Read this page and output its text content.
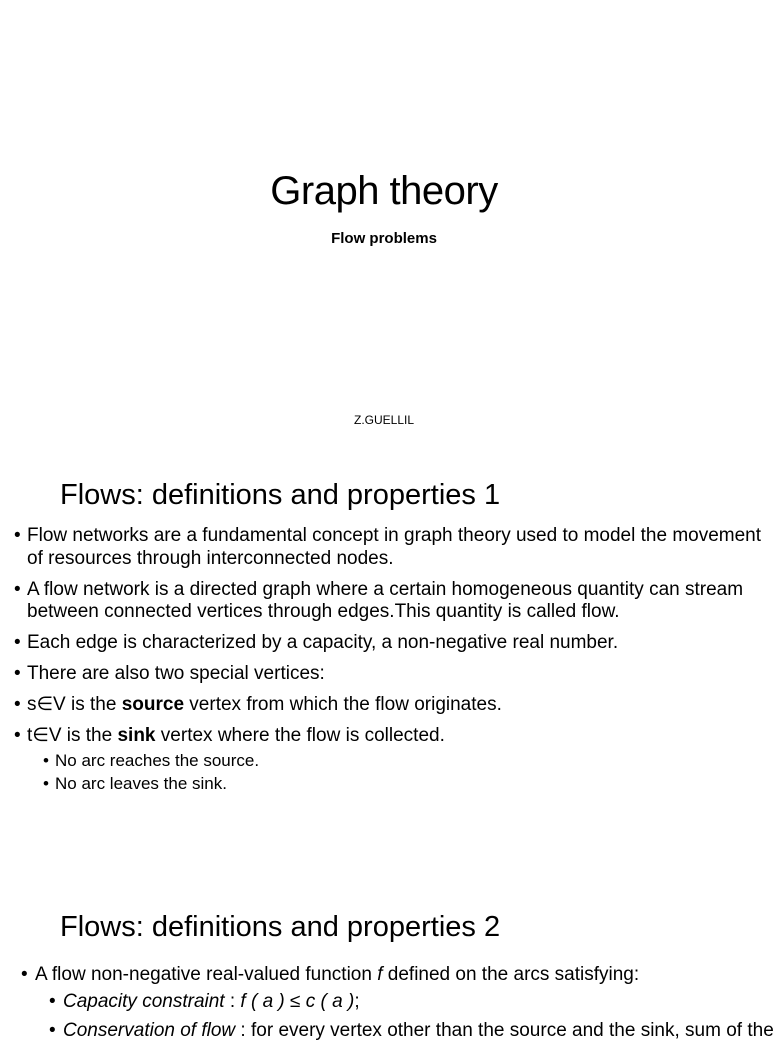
Graph theory
Flow problems
Z.GUELLIL
Flows: definitions and properties 1
• Flow networks are a fundamental concept in graph theory used to model the movement of resources through interconnected nodes.
• A flow network is a directed graph where a certain homogeneous quantity can stream between connected vertices through edges.This quantity is called flow.
• Each edge is characterized by a capacity, a non-negative real number.
• There are also two special vertices:
• s∈V is the source vertex from which the flow originates.
• t∈V is the sink vertex where the flow is collected.
• No arc reaches the source.
• No arc leaves the sink.
Flows: definitions and properties 2
• A flow non-negative real-valued function f defined on the arcs satisfying:
• Capacity constraint : f ( a ) ≤ c ( a );
• Conservation of flow : for every vertex other than the source and the sink, sum of the
